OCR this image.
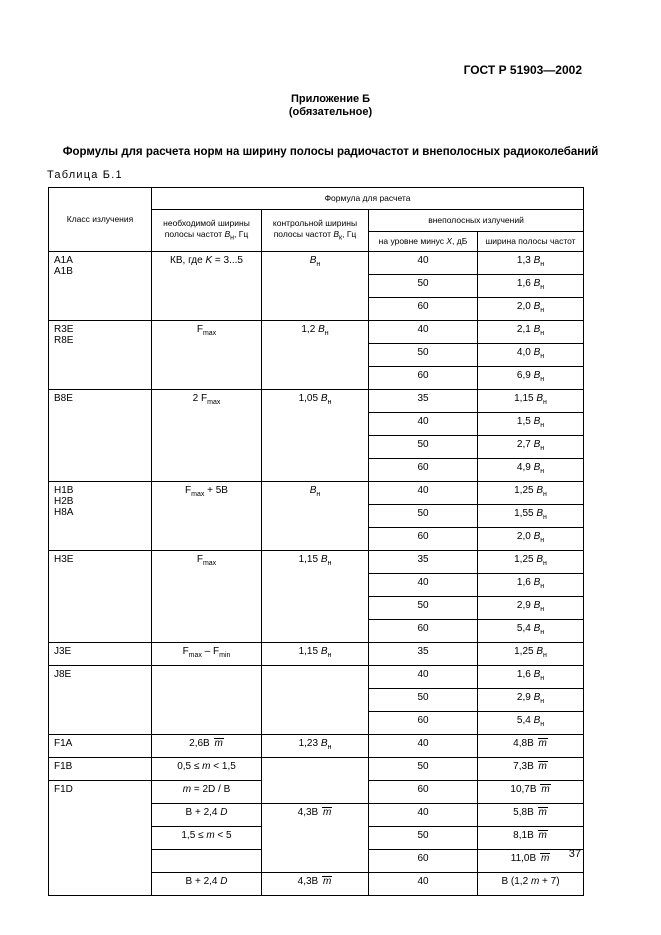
ГОСТ Р 51903—2002
Приложение Б
(обязательное)
Формулы для расчета норм на ширину полосы радиочастот и внеполосных радиоколебаний
Таблица Б.1
Класс излучения	Формула для расчета			
	необходимой ширины полосы частот $B_н$, Гц	контрольной ширины полосы частот $B_к$, Гц	внеполосных излучений	
			на уровне минус X, дБ	ширина полосы частот
A1A
A1B	КВ, где K = 3...5	$B_н$	40	1,3 $B_н$
			50	1,6 $B_н$
			60	2,0 $B_н$
R3E
R8E	$F_{max}$	1,2 $B_н$	40	2,1 $B_н$
			50	4,0 $B_н$
			60	6,9 $B_н$
B8E	2 $F_{max}$	1,05 $B_н$	35	1,15 $B_н$
			40	1,5 $B_н$
			50	2,7 $B_н$
			60	4,9 $B_н$
H1B
H2B
H8A	$F_{max} + 5B$	$B_н$	40	1,25 $B_н$
			50	1,55 $B_н$
			60	2,0 $B_н$
H3E	$F_{max}$	1,15 $B_н$	35	1,25 $B_н$
			40	1,6 $B_н$
			50	2,9 $B_н$
			60	5,4 $B_н$
J3E	$F_{max} - F_{min}$	1,15 $B_н$	35	1,25 $B_н$
J8E			40	1,6 $B_н$
			50	2,9 $B_н$
			60	5,4 $B_н$
F1A	2,6B m	1,23 $B_н$	40	4,8B m
F1B	0,5 ≤ m < 1,5		50	7,3B m
F1D	m = 2D / B		60	10,7B m
	B + 2,4 D	4,3B m	40	5,8B m
	1,5 ≤ m < 5		50	8,1B m
			60	11,0B m
	B + 2,4 D	4,3B m	40	B (1,2 m + 7)
37
